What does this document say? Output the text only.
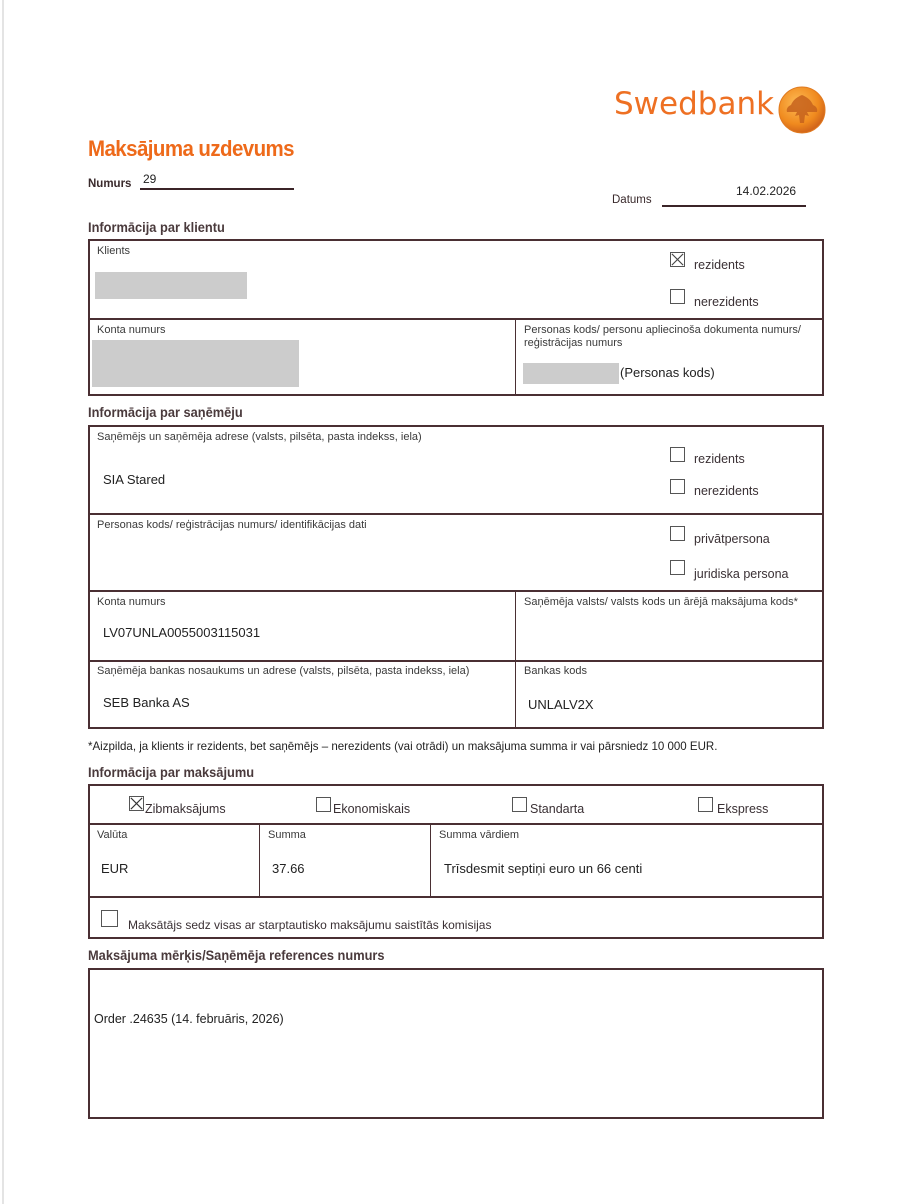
Swedbank
Maksājuma uzdevums
Numurs 29
Datums
14.02.2026
Informācija par klientu
Klients
rezidents
nerezidents
Konta numurs	Personas kods/ personu apliecinoša dokumenta numurs/ reģistrācijas numurs
(Personas kods)
Informācija par saņēmēju
Saņēmējs un saņēmēja adrese (valsts, pilsēta, pasta indekss, iela)
SIA Stared
rezidents
nerezidents
Personas kods/ reģistrācijas numurs/ identifikācijas dati
privātpersona
juridiska persona
Konta numurs
LV07UNLA0055003115031
Saņēmēja valsts/ valsts kods un ārējā maksājuma kods*
Saņēmēja bankas nosaukums un adrese (valsts, pilsēta, pasta indekss, iela)
SEB Banka AS
Bankas kods
UNLALV2X
*Aizpilda, ja klients ir rezidents, bet saņēmējs – nerezidents (vai otrādi) un maksājuma summa ir vai pārsniedz 10 000 EUR.
Informācija par maksājumu
Zibmaksājums	Ekonomiskais	Standarta	Ekspress
Valūta
EUR
Summa
37.66
Summa vārdiem
Trīsdesmit septiņi euro un 66 centi
Maksātājs sedz visas ar starptautisko maksājumu saistītās komisijas
Maksājuma mērķis/Saņēmēja references numurs
Order .24635 (14. februāris, 2026)
